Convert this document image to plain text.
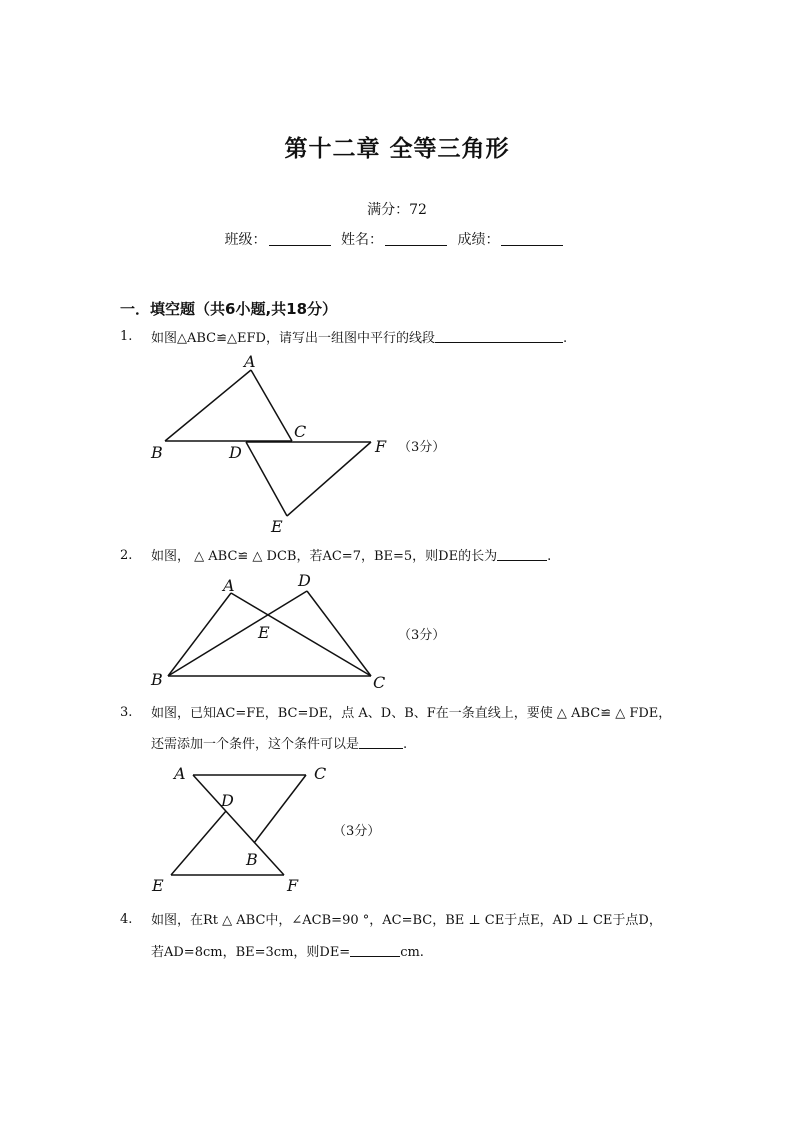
第十二章 全等三角形
满分：72
班级：	姓名：	成绩：
一．填空题（共6小题,共18分）
1. 如图△ABC≌△EFD，请写出一组图中平行的线段	.
A
B
C
D
E
F （3分）
2. 如图， △ ABC≌ △ DCB，若AC=7，BE=5，则DE的长为	.
A	D
E
B	C
（3分）
3. 如图，已知AC=FE，BC=DE，点 A、D、B、F在一条直线上，要使 △ ABC≌ △ FDE，
还需添加一个条件，这个条件可以是	.
A	C
D
B
E	F
（3分）
4. 如图，在Rt △ ABC中，∠ACB=90 °，AC=BC，BE ⊥ CE于点E，AD ⊥ CE于点D，
若AD=8cm，BE=3cm，则DE=	cm.
